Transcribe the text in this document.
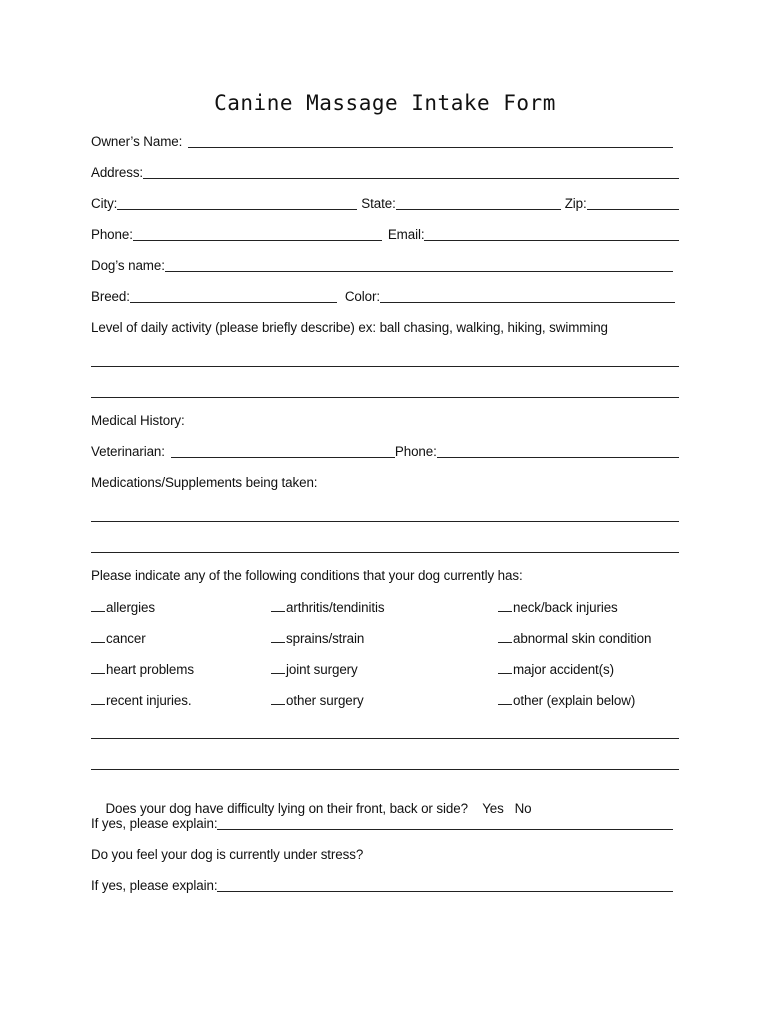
Canine Massage Intake Form
Owner’s Name:
Address:
City:	State:	Zip:
Phone:	Email:
Dog’s name:
Breed:	Color:
Level of daily activity (please briefly describe) ex: ball chasing, walking, hiking, swimming
Medical History:
Veterinarian:	Phone:
Medications/Supplements being taken:
Please indicate any of the following conditions that your dog currently has:
allergies	arthritis/tendinitis	neck/back injuries
cancer	sprains/strain	abnormal skin condition
heart problems	joint surgery	major accident(s)
recent injuries.	other surgery	other (explain below)

Does your dog have difficulty lying on their front, back or side? Yes No

If yes, please explain:
Do you feel your dog is currently under stress?
If yes, please explain:
